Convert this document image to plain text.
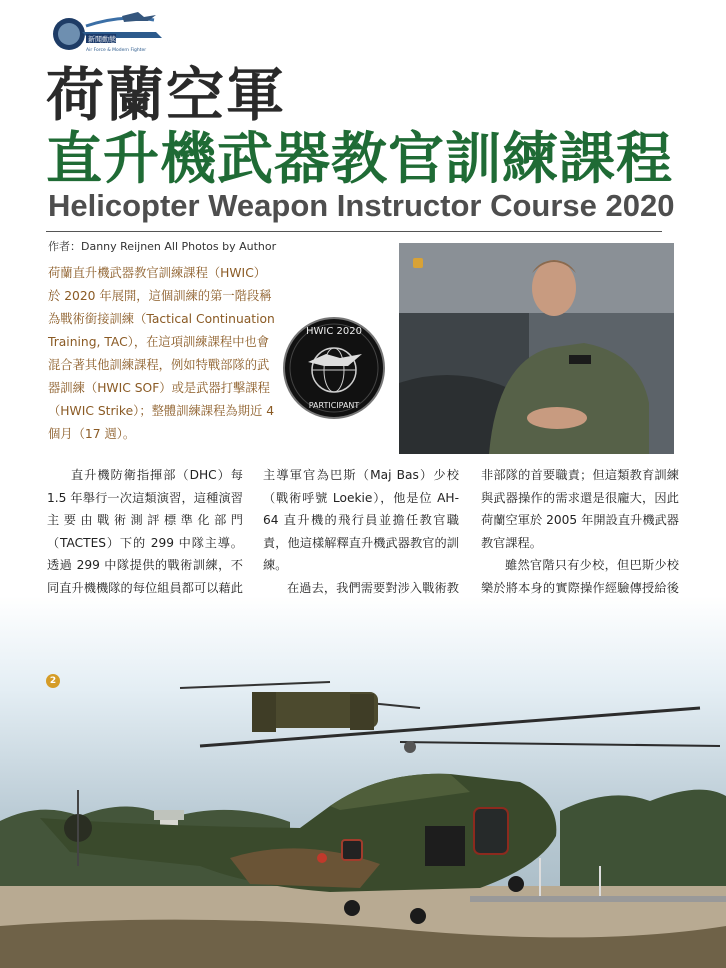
新聞動態
Air Force & Modern Fighter
荷蘭空軍
直升機武器教官訓練課程
Helicopter Weapon Instructor Course 2020
作者：Danny Reijnen All Photos by Author
HWIC 2020
PARTICIPANT
荷蘭直升機武器教官訓練課程（HWIC）於 2020 年展開，這個訓練的第一階段稱為戰術銜接訓練（Tactical Continuation Training, TAC），在這項訓練課程中也會混合著其他訓練課程，例如特戰部隊的武器訓練（HWIC SOF）或是武器打擊課程（HWIC Strike）；整體訓練課程為期近 4 個月（17 週）。

直升機防衛指揮部（DHC）每 1.5 年舉行一次這類演習，這種演習主要由戰術測評標準化部門（TACTES）下的 299 中隊主導。透過 299 中隊提供的戰術訓練，不同直升機機隊的每位組員都可以藉此

主導軍官為巴斯（Maj Bas）少校（戰術呼號 Loekie），他是位 AH-64 直升機的飛行員並擔任教官職責，他這樣解釋直升機武器教官的訓練。

在過去，我們需要對涉入戰術教

非部隊的首要職責；但這類教育訓練與武器操作的需求還是很龐大，因此荷蘭空軍於 2005 年開設直升機武器教官課程。

雖然官階只有少校，但巴斯少校樂於將本身的實際操作經驗傳授給後

2
